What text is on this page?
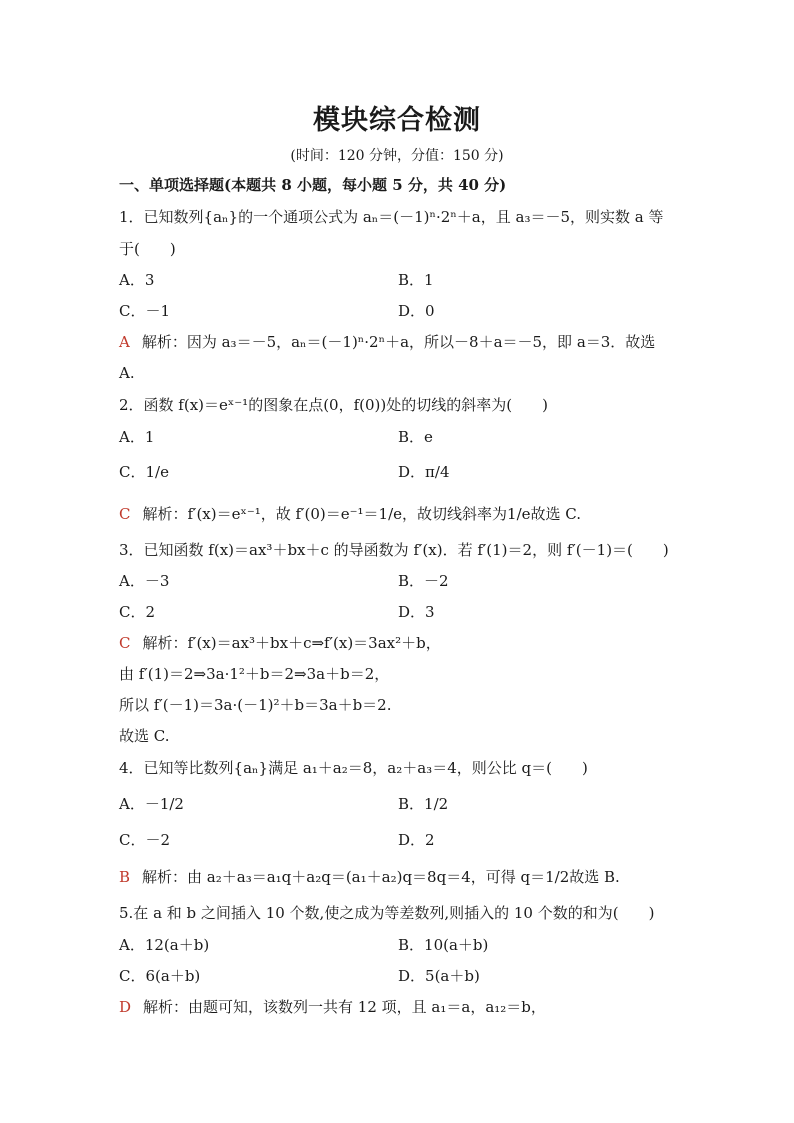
模块综合检测
(时间：120 分钟，分值：150 分)
一、单项选择题(本题共 8 小题，每小题 5 分，共 40 分)
1．已知数列{aₙ}的一个通项公式为 aₙ＝(－1)ⁿ·2ⁿ＋a，且 a₃＝－5，则实数 a 等
于(　　)
A．3	B．1
C．－1	D．0
A 解析：因为 a₃＝－5，aₙ＝(－1)ⁿ·2ⁿ＋a，所以－8＋a＝－5，即 a＝3．故选
A.
2．函数 f(x)＝eˣ⁻¹的图象在点(0，f(0))处的切线的斜率为(　　)
A．1	B．e
C．1/e	D．π/4
C 解析：f′(x)＝eˣ⁻¹，故 f′(0)＝e⁻¹＝1/e，故切线斜率为1/e故选 C.
3．已知函数 f(x)＝ax³＋bx＋c 的导函数为 f′(x)．若 f′(1)＝2，则 f′(－1)＝(　　)
A．－3	B．－2
C．2	D．3
C 解析：f′(x)＝ax³＋bx＋c⇒f′(x)＝3ax²＋b，
由 f′(1)＝2⇒3a·1²＋b＝2⇒3a＋b＝2，
所以 f′(－1)＝3a·(－1)²＋b＝3a＋b＝2.
故选 C.
4．已知等比数列{aₙ}满足 a₁＋a₂＝8，a₂＋a₃＝4，则公比 q＝(　　)
A．－1/2	B．1/2
C．－2	D．2
B 解析：由 a₂＋a₃＝a₁q＋a₂q＝(a₁＋a₂)q＝8q＝4，可得 q＝1/2故选 B.
5.在 a 和 b 之间插入 10 个数,使之成为等差数列,则插入的 10 个数的和为(　　)
A．12(a＋b)	B．10(a＋b)
C．6(a＋b)	D．5(a＋b)
D 解析：由题可知，该数列一共有 12 项，且 a₁＝a，a₁₂＝b，
